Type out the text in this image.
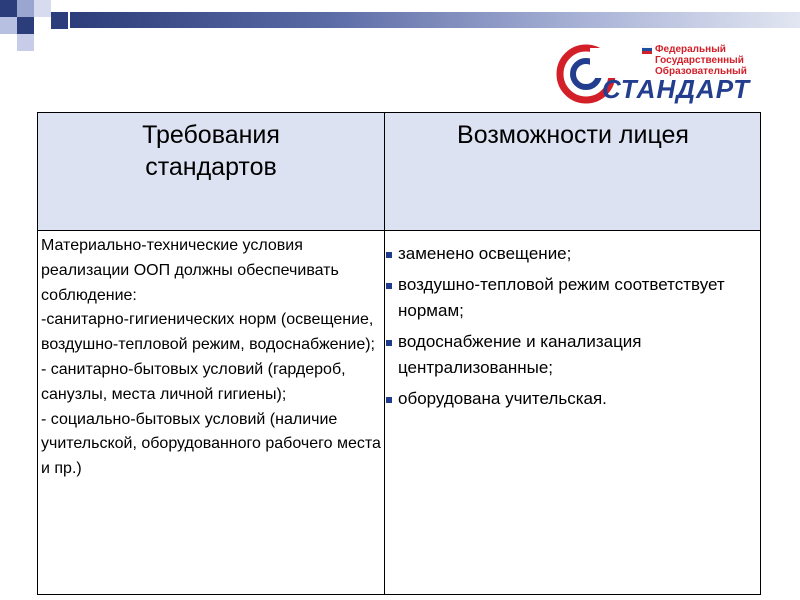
Федеральный
Государственный
Образовательный
СТАНДАРТ
Требования
стандартов
Возможности лицея

Материально-технические условия реализации ООП должны обеспечивать соблюдение:

-санитарно-гигиенических норм (освещение, воздушно-тепловой режим, водоснабжение);

- санитарно-бытовых условий (гардероб, санузлы, места личной гигиены);

- социально-бытовых условий (наличие учительской, оборудованного рабочего места и пр.)

заменено освещение;
воздушно-тепловой режим соответствует нормам;
водоснабжение и канализация централизованные;
оборудована учительская.
